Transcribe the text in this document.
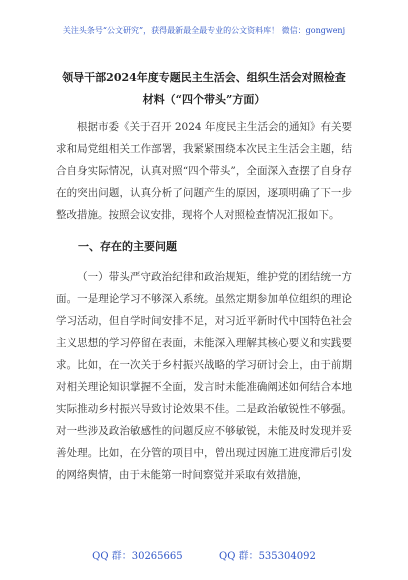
关注头条号“公文研究”，获得最新最全最专业的公文资料库！ 微信：gongwenj
领导干部2024年度专题民主生活会、组织生活会对照检查
材料（“四个带头”方面）

根据市委《关于召开 2024 年度民主生活会的通知》有关要求和局党组相关工作部署，我紧紧围绕本次民主生活会主题，结合自身实际情况，认真对照“四个带头”，全面深入查摆了自身存在的突出问题，认真分析了问题产生的原因，逐项明确了下一步整改措施。按照会议安排，现将个人对照检查情况汇报如下。

一、存在的主要问题

（一）带头严守政治纪律和政治规矩，维护党的团结统一方面。一是理论学习不够深入系统。虽然定期参加单位组织的理论学习活动，但自学时间安排不足，对习近平新时代中国特色社会主义思想的学习停留在表面，未能深入理解其核心要义和实践要求。比如，在一次关于乡村振兴战略的学习研讨会上，由于前期对相关理论知识掌握不全面，发言时未能准确阐述如何结合本地实际推动乡村振兴导致讨论效果不佳。二是政治敏锐性不够强。对一些涉及政治敏感性的问题反应不够敏锐，未能及时发现并妥善处理。比如，在分管的项目中，曾出现过因施工进度滞后引发的网络舆情，由于未能第一时间察觉并采取有效措施，

QQ 群：30265665	QQ 群：535304092
